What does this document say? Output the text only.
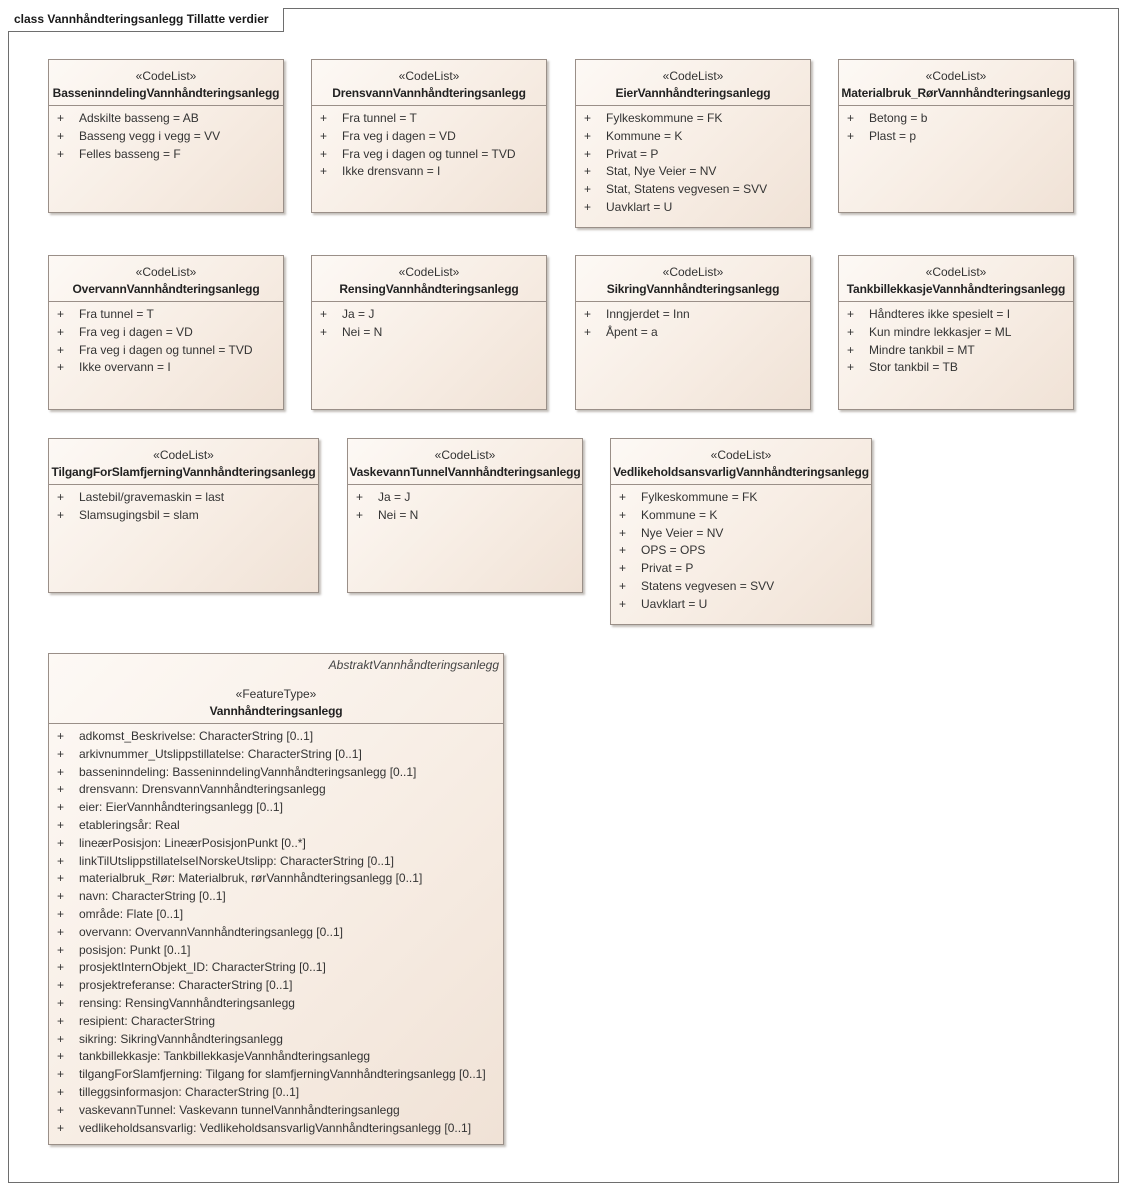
class Vannhåndteringsanlegg Tillatte verdier
«CodeList»
BasseninndelingVannhåndteringsanlegg
+ Adskilte basseng = AB
+ Basseng vegg i vegg = VV
+ Felles basseng = F
«CodeList»
DrensvannVannhåndteringsanlegg
+ Fra tunnel = T
+ Fra veg i dagen = VD
+ Fra veg i dagen og tunnel = TVD
+ Ikke drensvann = I
«CodeList»
EierVannhåndteringsanlegg
+ Fylkeskommune = FK
+ Kommune = K
+ Privat = P
+ Stat, Nye Veier = NV
+ Stat, Statens vegvesen = SVV
+ Uavklart = U
«CodeList»
Materialbruk_RørVannhåndteringsanlegg
+ Betong = b
+ Plast = p
«CodeList»
OvervannVannhåndteringsanlegg
+ Fra tunnel = T
+ Fra veg i dagen = VD
+ Fra veg i dagen og tunnel = TVD
+ Ikke overvann = I
«CodeList»
RensingVannhåndteringsanlegg
+ Ja = J
+ Nei = N
«CodeList»
SikringVannhåndteringsanlegg
+ Inngjerdet = Inn
+ Åpent = a
«CodeList»
TankbillekkasjeVannhåndteringsanlegg
+ Håndteres ikke spesielt = I
+ Kun mindre lekkasjer = ML
+ Mindre tankbil = MT
+ Stor tankbil = TB
«CodeList»
TilgangForSlamfjerningVannhåndteringsanlegg
+ Lastebil/gravemaskin = last
+ Slamsugingsbil = slam
«CodeList»
VaskevannTunnelVannhåndteringsanlegg
+ Ja = J
+ Nei = N
«CodeList»
VedlikeholdsansvarligVannhåndteringsanlegg
+ Fylkeskommune = FK
+ Kommune = K
+ Nye Veier = NV
+ OPS = OPS
+ Privat = P
+ Statens vegvesen = SVV
+ Uavklart = U
AbstraktVannhåndteringsanlegg
«FeatureType»
Vannhåndteringsanlegg
+ adkomst_Beskrivelse: CharacterString [0..1]
+ arkivnummer_Utslippstillatelse: CharacterString [0..1]
+ basseninndeling: BasseninndelingVannhåndteringsanlegg [0..1]
+ drensvann: DrensvannVannhåndteringsanlegg
+ eier: EierVannhåndteringsanlegg [0..1]
+ etableringsår: Real
+ lineærPosisjon: LineærPosisjonPunkt [0..*]
+ linkTilUtslippstillatelseINorskeUtslipp: CharacterString [0..1]
+ materialbruk_Rør: Materialbruk, rørVannhåndteringsanlegg [0..1]
+ navn: CharacterString [0..1]
+ område: Flate [0..1]
+ overvann: OvervannVannhåndteringsanlegg [0..1]
+ posisjon: Punkt [0..1]
+ prosjektInternObjekt_ID: CharacterString [0..1]
+ prosjektreferanse: CharacterString [0..1]
+ rensing: RensingVannhåndteringsanlegg
+ resipient: CharacterString
+ sikring: SikringVannhåndteringsanlegg
+ tankbillekkasje: TankbillekkasjeVannhåndteringsanlegg
+ tilgangForSlamfjerning: Tilgang for slamfjerningVannhåndteringsanlegg [0..1]
+ tilleggsinformasjon: CharacterString [0..1]
+ vaskevannTunnel: Vaskevann tunnelVannhåndteringsanlegg
+ vedlikeholdsansvarlig: VedlikeholdsansvarligVannhåndteringsanlegg [0..1]
